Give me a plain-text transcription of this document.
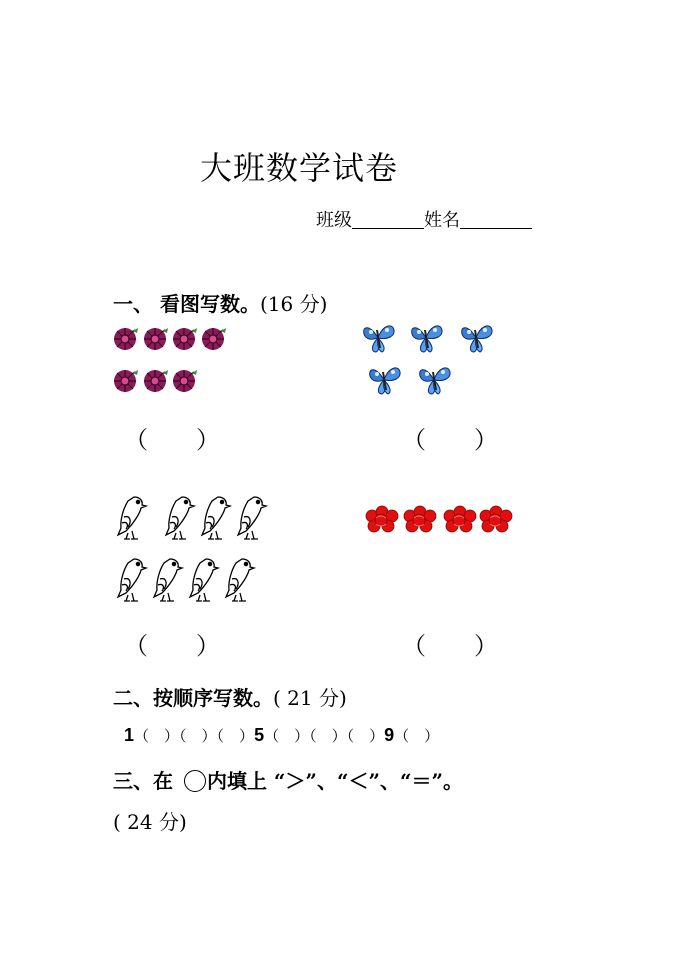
大班数学试卷
班级	姓名
一、 看图写数。(16 分)
（　　）	（　　）
（　　）	（　　）
二、按顺序写数。( 21 分)
1（　）（　）（　）5（　）（　）（　）9（　）
三、在 内填上 “＞”、“＜”、“＝”。
( 24 分)
